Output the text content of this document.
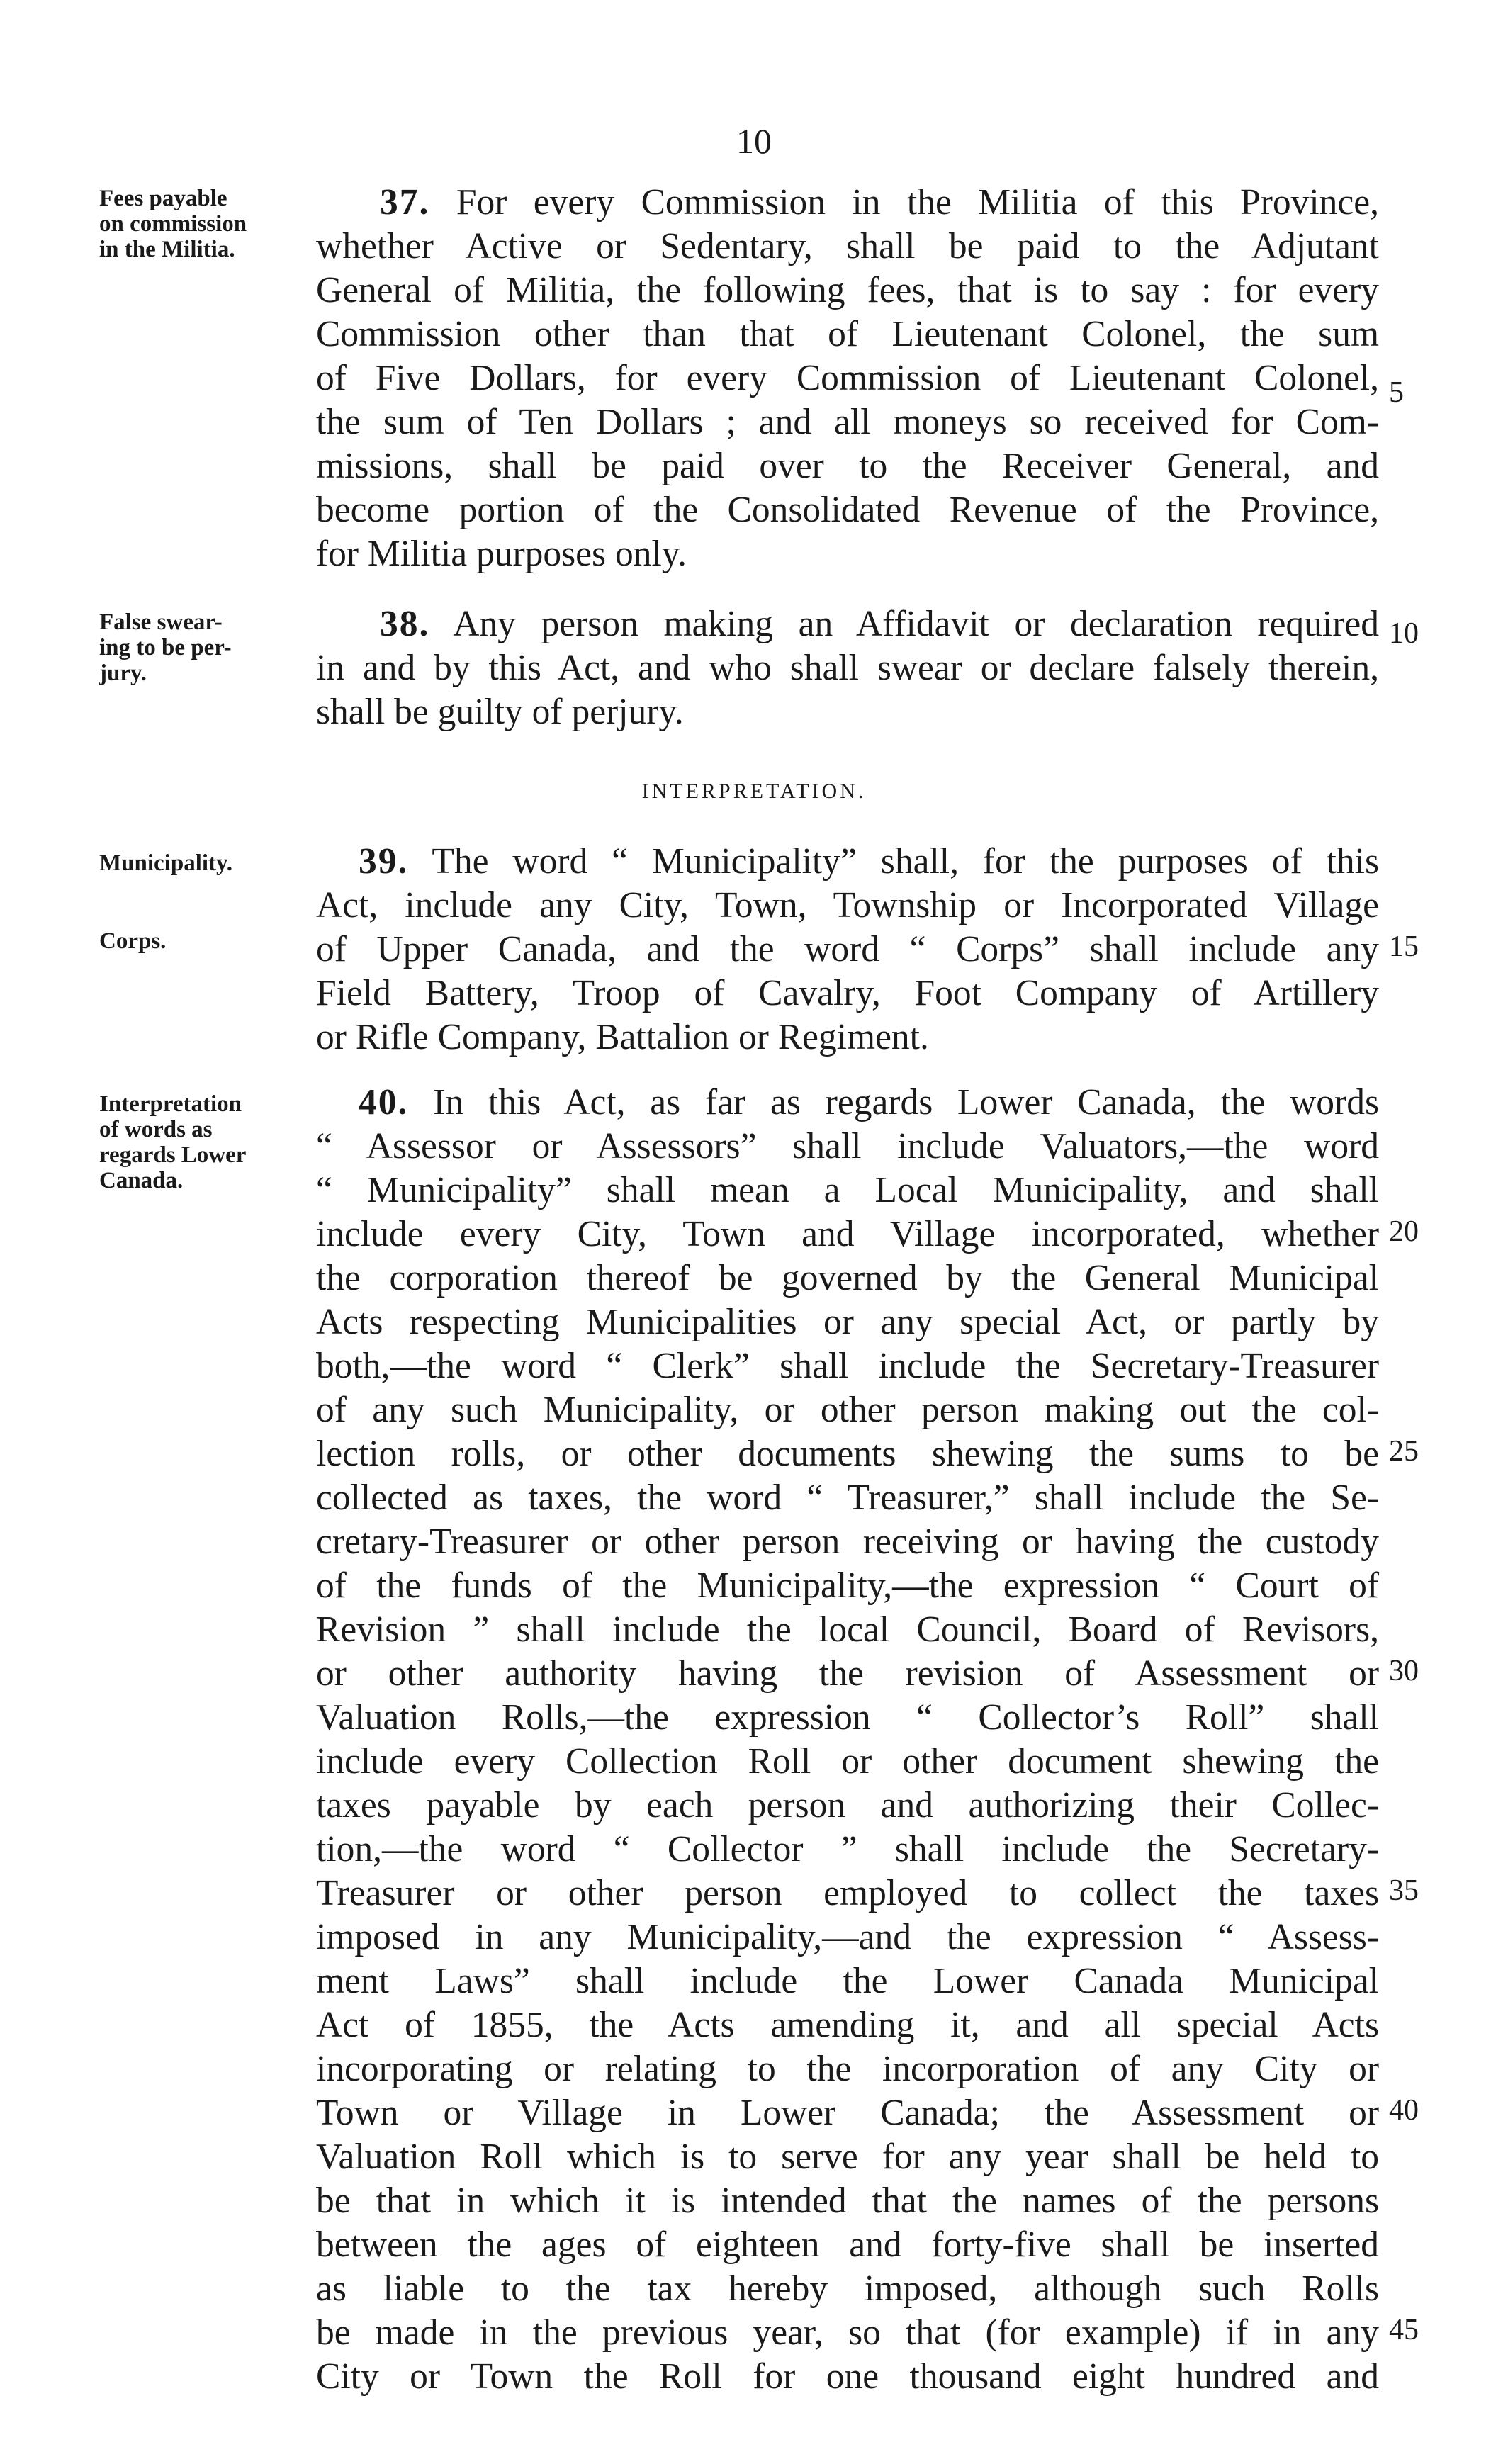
10
Fees payable
on commission
in the Militia.
37. For every Commission in the Militia of this Province,
whether Active or Sedentary, shall be paid to the Adjutant
General of Militia, the following fees, that is to say : for every
Commission other than that of Lieutenant Colonel, the sum
of Five Dollars, for every Commission of Lieutenant Colonel,
the sum of Ten Dollars ; and all moneys so received for Com-
missions, shall be paid over to the Receiver General, and
become portion of the Consolidated Revenue of the Province,
for Militia purposes only.
5
False swear-
ing to be per-
jury.
38. Any person making an Affidavit or declaration required
in and by this Act, and who shall swear or declare falsely therein,
shall be guilty of perjury.
10
INTERPRETATION.
Municipality.
Corps.
39. The word “ Municipality” shall, for the purposes of this
Act, include any City, Town, Township or Incorporated Village
of Upper Canada, and the word “ Corps” shall include any
Field Battery, Troop of Cavalry, Foot Company of Artillery
or Rifle Company, Battalion or Regiment.
15
Interpretation
of words as
regards Lower
Canada.
40. In this Act, as far as regards Lower Canada, the words
“ Assessor or Assessors” shall include Valuators,—the word
“ Municipality” shall mean a Local Municipality, and shall
include every City, Town and Village incorporated, whether
the corporation thereof be governed by the General Municipal
Acts respecting Municipalities or any special Act, or partly by
both,—the word “ Clerk” shall include the Secretary-Treasurer
of any such Municipality, or other person making out the col-
lection rolls, or other documents shewing the sums to be
collected as taxes, the word “ Treasurer,” shall include the Se-
cretary-Treasurer or other person receiving or having the custody
of the funds of the Municipality,—the expression “ Court of
Revision ” shall include the local Council, Board of Revisors,
or other authority having the revision of Assessment or
Valuation Rolls,—the expression “ Collector’s Roll” shall
include every Collection Roll or other document shewing the
taxes payable by each person and authorizing their Collec-
tion,—the word “ Collector ” shall include the Secretary-
Treasurer or other person employed to collect the taxes
imposed in any Municipality,—and the expression “ Assess-
ment Laws” shall include the Lower Canada Municipal
Act of 1855, the Acts amending it, and all special Acts
incorporating or relating to the incorporation of any City or
Town or Village in Lower Canada; the Assessment or
Valuation Roll which is to serve for any year shall be held to
be that in which it is intended that the names of the persons
between the ages of eighteen and forty-five shall be inserted
as liable to the tax hereby imposed, although such Rolls
be made in the previous year, so that (for example) if in any
City or Town the Roll for one thousand eight hundred and
20
25
30
35
40
45
